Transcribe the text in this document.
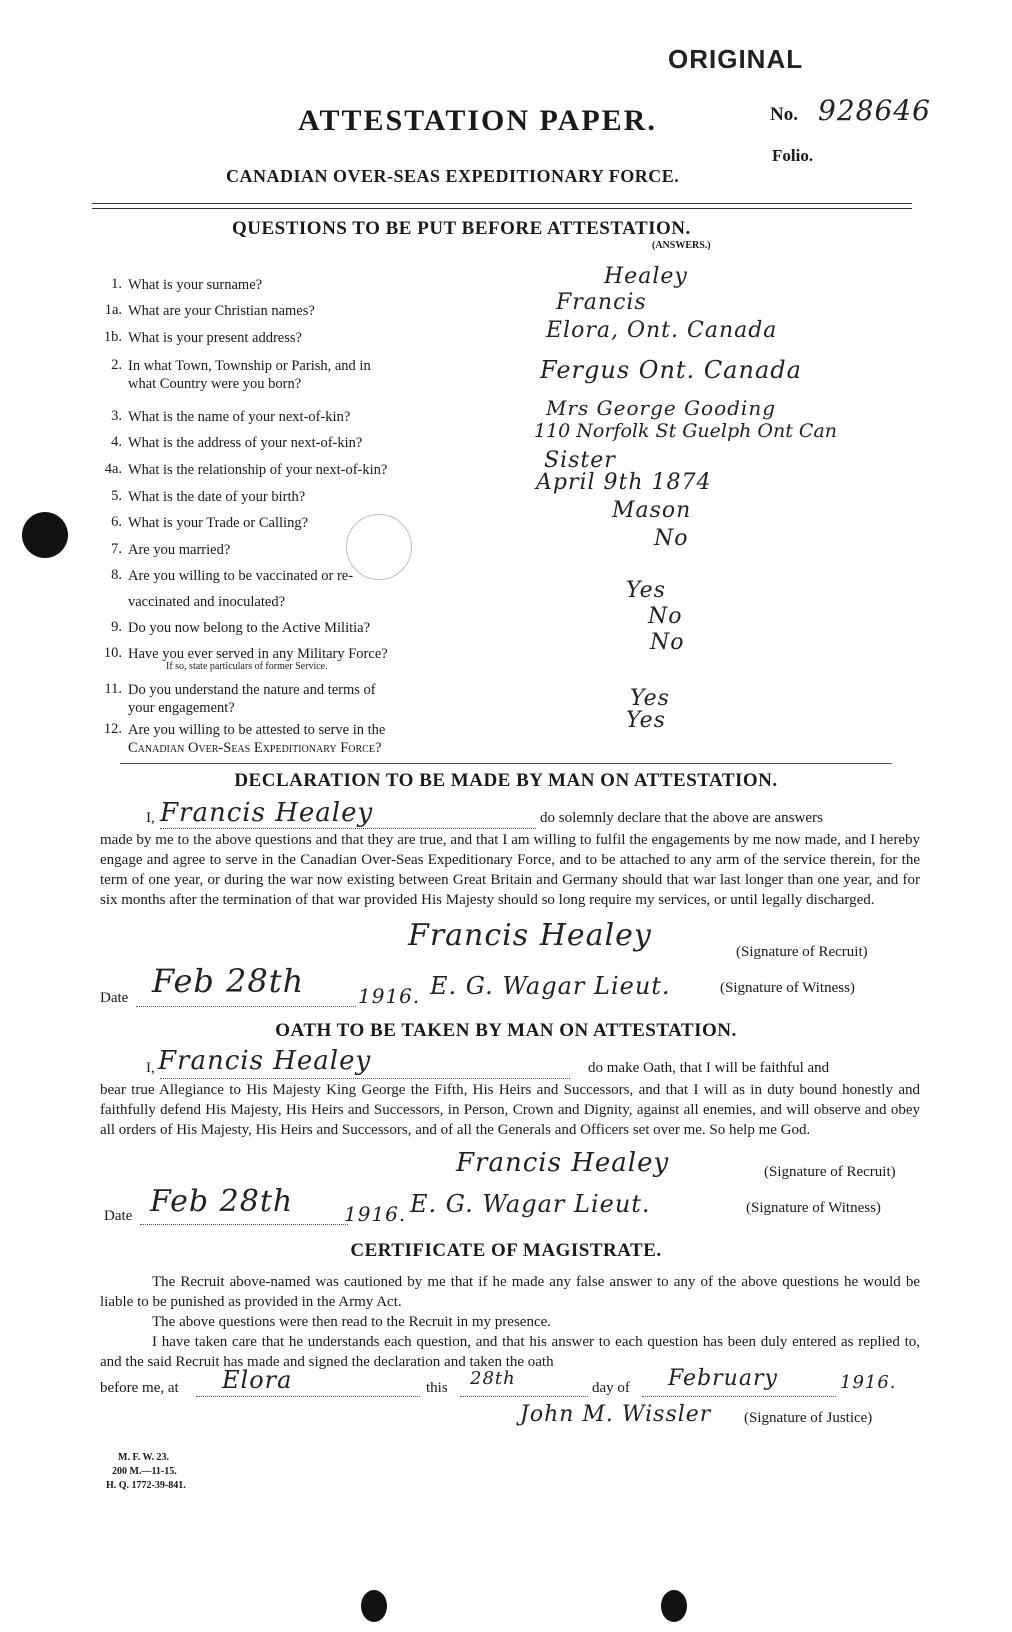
ORIGINAL
ATTESTATION PAPER.	No. 928646
Folio.
CANADIAN OVER-SEAS EXPEDITIONARY FORCE.
QUESTIONS TO BE PUT BEFORE ATTESTATION.
(ANSWERS.)
1. What is your surname?	Healey
1a. What are your Christian names?	Francis
1b. What is your present address?	Elora, Ont. Canada
2. In what Town, Township or Parish, and in
what Country were you born?	Fergus Ont. Canada
3. What is the name of your next-of-kin?	Mrs George Gooding
4. What is the address of your next-of-kin?
110 Norfolk St Guelph Ont Can
4a. What is the relationship of your next-of-kin?	Sister
5. What is the date of your birth?
April 9th 1874
6. What is your Trade or Calling?	Mason
7. Are you married?	No
8. Are you willing to be vaccinated or re-
vaccinated and inoculated?	Yes
9. Do you now belong to the Active Militia?	No
10. Have you ever served in any Military Force?
If so, state particulars of former Service.
No
11. Do you understand the nature and terms of
your engagement?	Yes
12. Are you willing to be attested to serve in the
Canadian Over-Seas Expeditionary Force?
Yes
DECLARATION TO BE MADE BY MAN ON ATTESTATION.
I, Francis Healey	do solemnly declare that the above are answers
made by me to the above questions and that they are true, and that I am willing to fulfil the engagements by me now made, and I hereby engage and agree to serve in the Canadian Over-Seas Expeditionary Force, and to be attached to any arm of the service therein, for the term of one year, or during the war now existing between Great Britain and Germany should that war last longer than one year, and for six months after the termination of that war provided His Majesty should so long require my services, or until legally discharged.
Francis Healey	(Signature of Recruit)
Date Feb 28th	1916. E. G. Wagar Lieut.	(Signature of Witness)
OATH TO BE TAKEN BY MAN ON ATTESTATION.
I, Francis Healey	do make Oath, that I will be faithful and
bear true Allegiance to His Majesty King George the Fifth, His Heirs and Successors, and that I will as in duty bound honestly and faithfully defend His Majesty, His Heirs and Successors, in Person, Crown and Dignity, against all enemies, and will observe and obey all orders of His Majesty, His Heirs and Successors, and of all the Generals and Officers set over me. So help me God.
Francis Healey	(Signature of Recruit)
Date Feb 28th	1916. E. G. Wagar Lieut.	(Signature of Witness)
CERTIFICATE OF MAGISTRATE.
The Recruit above-named was cautioned by me that if he made any false answer to any of the above questions he would be liable to be punished as provided in the Army Act.
The above questions were then read to the Recruit in my presence.
I have taken care that he understands each question, and that his answer to each question has been duly entered as replied to, and the said Recruit has made and signed the declaration and taken the oath
before me, at Elora	this 28th	day of February	1916.
John M. Wissler (Signature of Justice)
M. F. W. 23.
200 M.—11-15.
H. Q. 1772-39-841.
